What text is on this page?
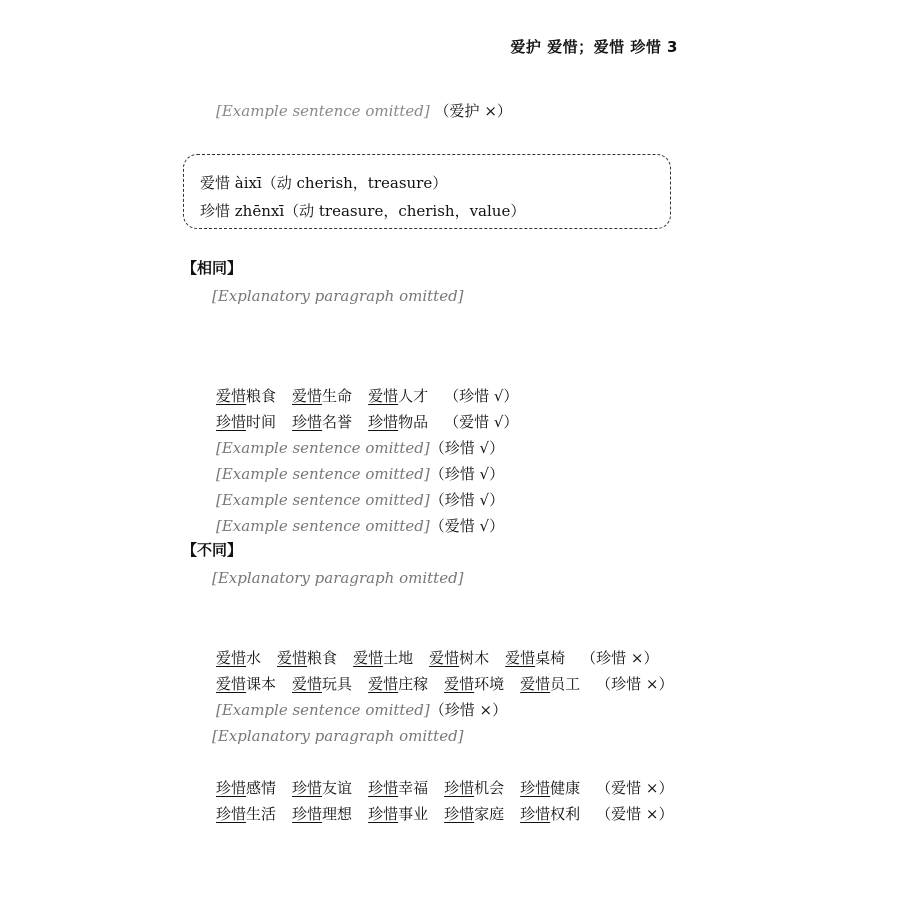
爱护 爱惜；爱惜 珍惜 3
[Example sentence omitted] （爱护 ×）
爱惜 àixī（动 cherish，treasure）
珍惜 zhēnxī（动 treasure，cherish，value）
【相同】
[Explanatory paragraph omitted]
爱惜粮食 爱惜生命 爱惜人才 （珍惜 √）
珍惜时间 珍惜名誉 珍惜物品 （爱惜 √）
[Example sentence omitted]（珍惜 √）
[Example sentence omitted]（珍惜 √）
[Example sentence omitted]（珍惜 √）
[Example sentence omitted]（爱惜 √）
【不同】
[Explanatory paragraph omitted]
爱惜水 爱惜粮食 爱惜土地 爱惜树木 爱惜桌椅 （珍惜 ×）
爱惜课本 爱惜玩具 爱惜庄稼 爱惜环境 爱惜员工 （珍惜 ×）
[Example sentence omitted]（珍惜 ×）
[Explanatory paragraph omitted]
珍惜感情 珍惜友谊 珍惜幸福 珍惜机会 珍惜健康 （爱惜 ×）
珍惜生活 珍惜理想 珍惜事业 珍惜家庭 珍惜权利 （爱惜 ×）
